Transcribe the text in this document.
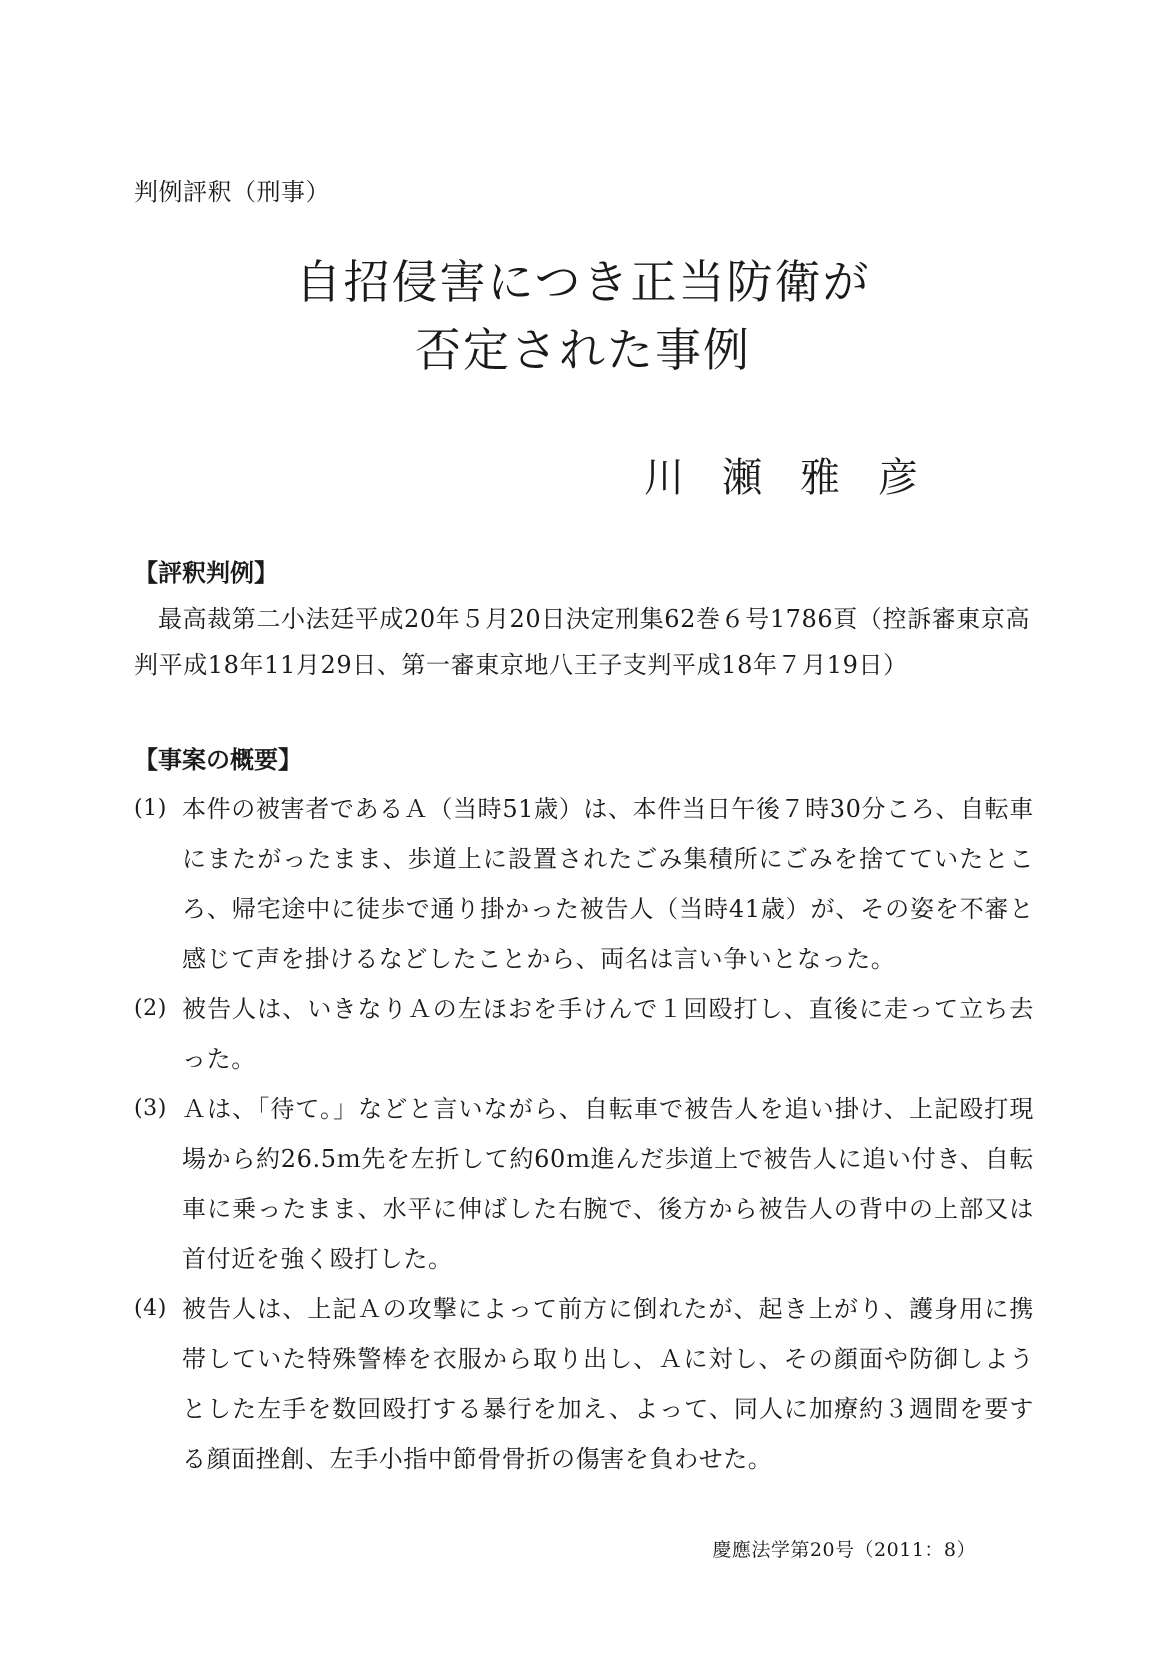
判例評釈（刑事）
自招侵害につき正当防衛が
否定された事例
川瀬雅彦
【評釈判例】
最高裁第二小法廷平成20年５月20日決定刑集62巻６号1786頁（控訴審東京高判平成18年11月29日、第一審東京地八王子支判平成18年７月19日）
【事案の概要】
(1) 本件の被害者であるＡ（当時51歳）は、本件当日午後７時30分ころ、自転車にまたがったまま、歩道上に設置されたごみ集積所にごみを捨てていたところ、帰宅途中に徒歩で通り掛かった被告人（当時41歳）が、その姿を不審と感じて声を掛けるなどしたことから、両名は言い争いとなった。
(2) 被告人は、いきなりＡの左ほおを手けんで１回殴打し、直後に走って立ち去った。
(3) Ａは、「待て。」などと言いながら、自転車で被告人を追い掛け、上記殴打現場から約26.5ｍ先を左折して約60ｍ進んだ歩道上で被告人に追い付き、自転車に乗ったまま、水平に伸ばした右腕で、後方から被告人の背中の上部又は首付近を強く殴打した。
(4) 被告人は、上記Ａの攻撃によって前方に倒れたが、起き上がり、護身用に携帯していた特殊警棒を衣服から取り出し、Ａに対し、その顔面や防御しようとした左手を数回殴打する暴行を加え、よって、同人に加療約３週間を要する顔面挫創、左手小指中節骨骨折の傷害を負わせた。
慶應法学第20号（2011：8）
